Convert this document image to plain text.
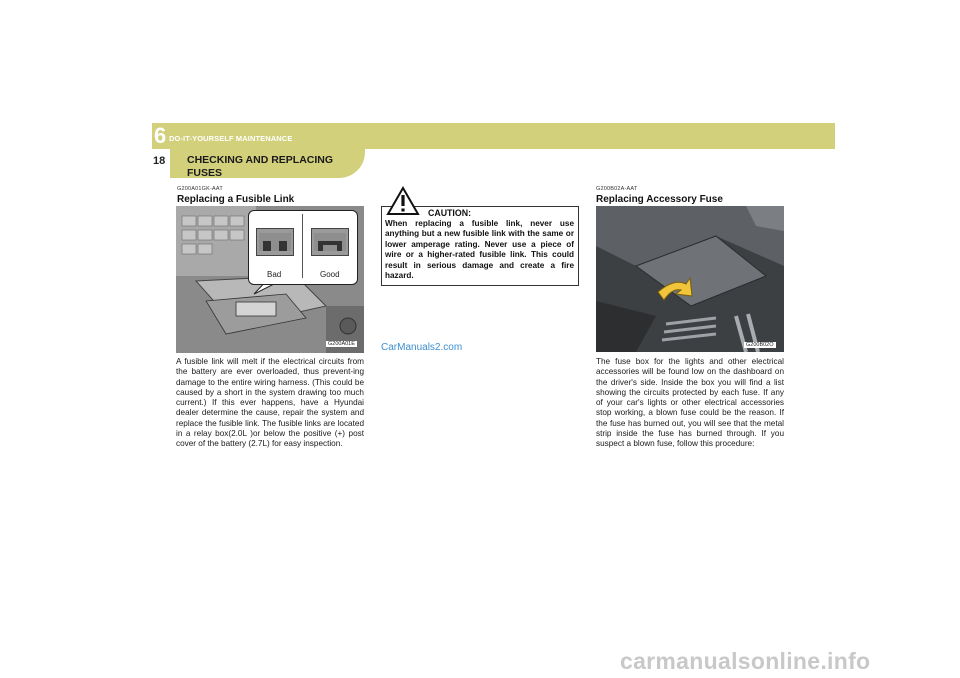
6 DO-IT-YOURSELF MAINTENANCE
18 CHECKING AND REPLACING FUSES
G200A01GK-AAT
Replacing a Fusible Link
Bad	Good
G200A01E
A fusible link will melt if the electrical circuits from the battery are ever overloaded, thus prevent-ing damage to the entire wiring harness. (This could be caused by a short in the system drawing too much current.) If this ever happens, have a Hyundai dealer determine the cause, repair the system and replace the fusible link. The fusible links are located in a relay box(2.0L )or below the positive (+) post cover of the battery (2.7L) for easy inspection.
CAUTION:
When replacing a fusible link, never use anything but a new fusible link with the same or lower amperage rating. Never use a piece of wire or a higher-rated fusible link. This could result in serious damage and create a fire hazard.
CarManuals2.com
G200B02A-AAT
Replacing Accessory Fuse
G200B02O
The fuse box for the lights and other electrical accessories will be found low on the dashboard on the driver's side. Inside the box you will find a list showing the circuits protected by each fuse. If any of your car's lights or other electrical accessories stop working, a blown fuse could be the reason. If the fuse has burned out, you will see that the metal strip inside the fuse has burned through. If you suspect a blown fuse, follow this procedure:
carmanualsonline.info
